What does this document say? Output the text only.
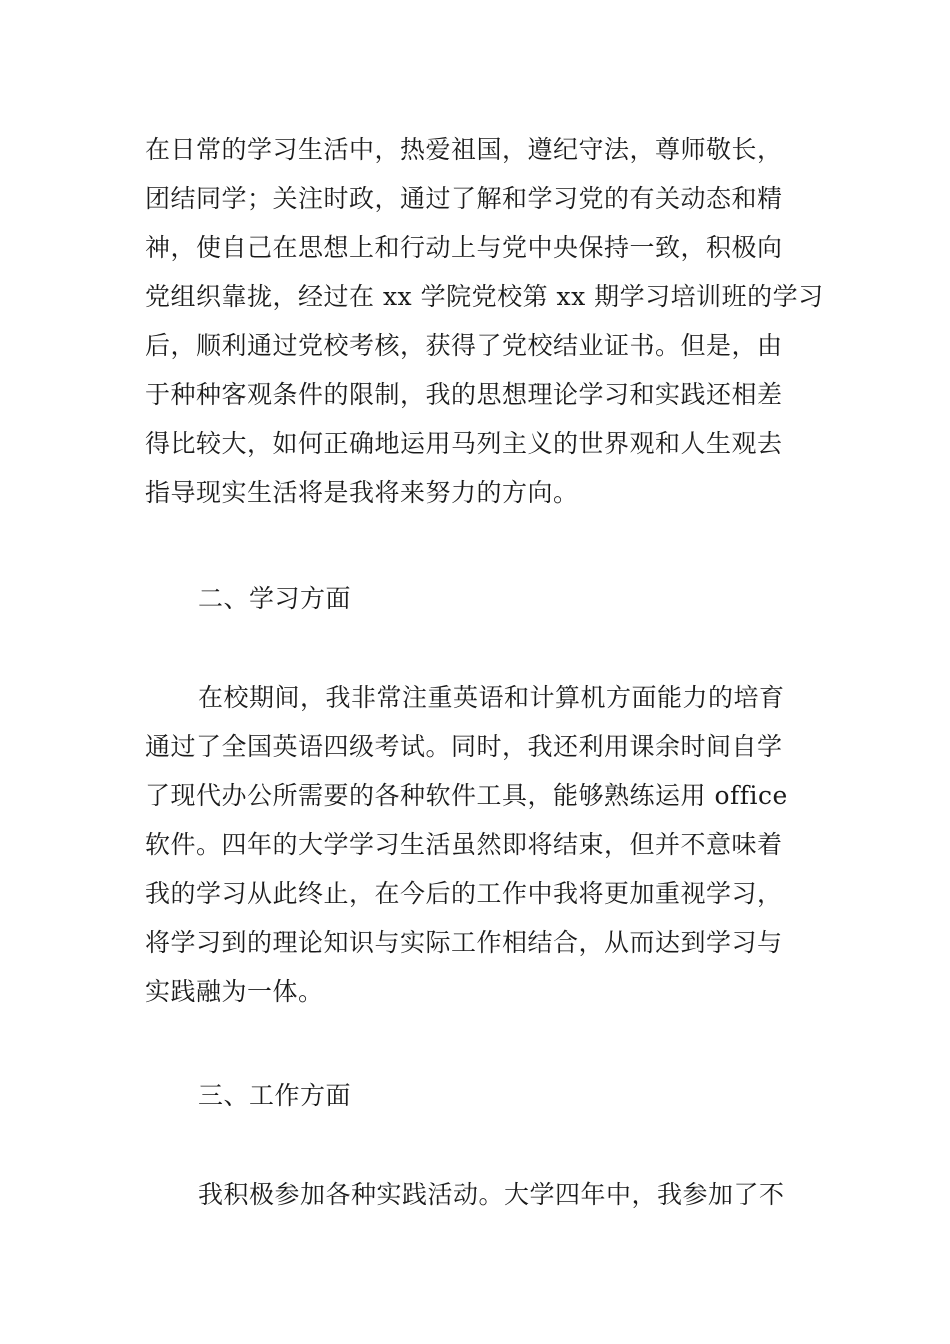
在日常的学习生活中，热爱祖国，遵纪守法，尊师敬长，
团结同学；关注时政，通过了解和学习党的有关动态和精
神，使自己在思想上和行动上与党中央保持一致，积极向
党组织靠拢，经过在 xx 学院党校第 xx 期学习培训班的学习
后，顺利通过党校考核，获得了党校结业证书。但是，由
于种种客观条件的限制，我的思想理论学习和实践还相差
得比较大，如何正确地运用马列主义的世界观和人生观去
指导现实生活将是我将来努力的方向。
二、学习方面
在校期间，我非常注重英语和计算机方面能力的培育
通过了全国英语四级考试。同时，我还利用课余时间自学
了现代办公所需要的各种软件工具，能够熟练运用 office
软件。四年的大学学习生活虽然即将结束，但并不意味着
我的学习从此终止，在今后的工作中我将更加重视学习，
将学习到的理论知识与实际工作相结合，从而达到学习与
实践融为一体。
三、工作方面
我积极参加各种实践活动。大学四年中，我参加了不
